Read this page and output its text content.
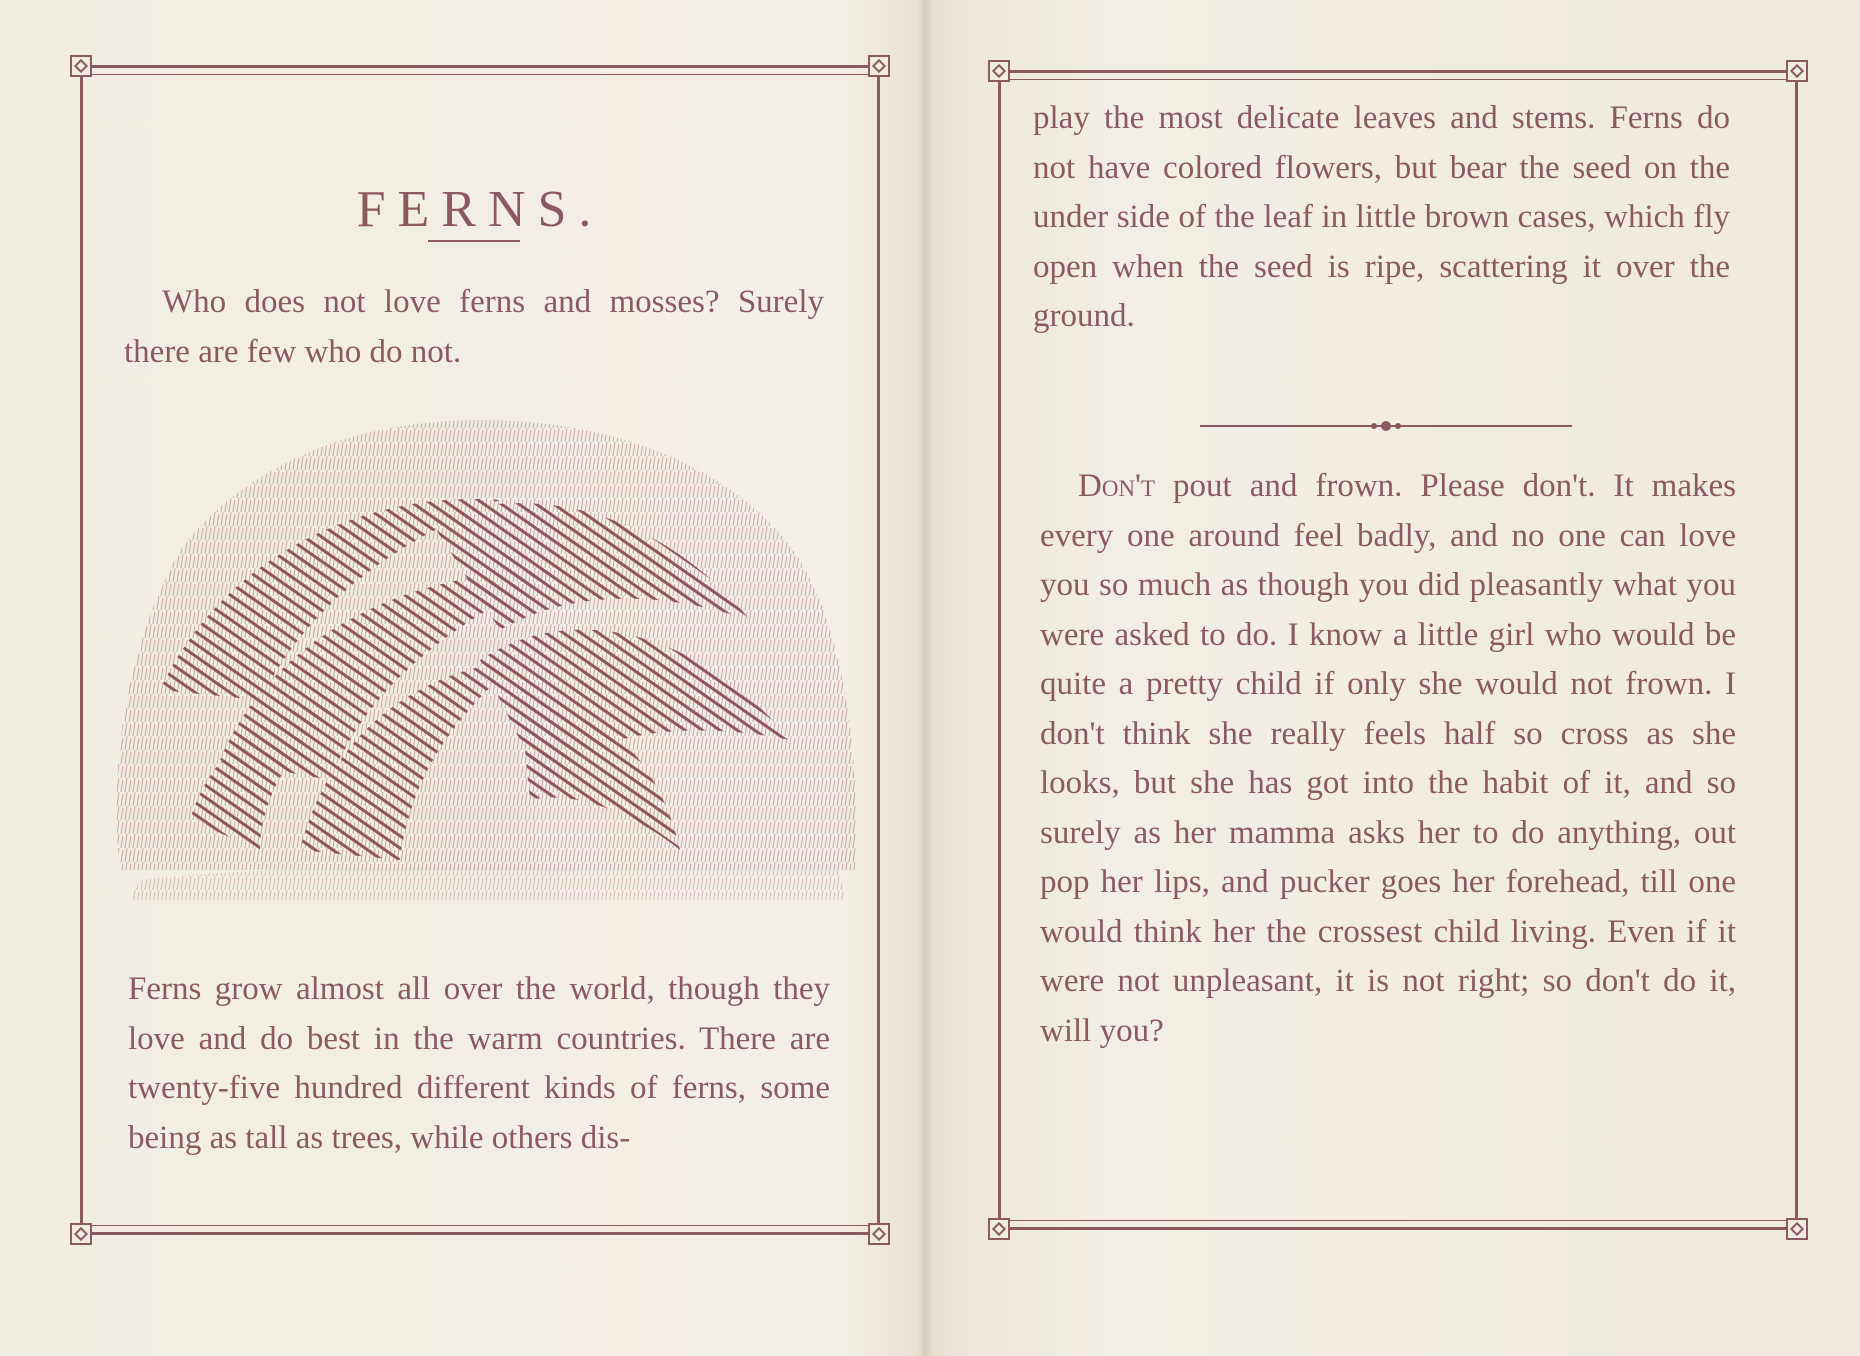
FERNS.

Who does not love ferns and mosses? Surely there are few who do not.

Ferns grow almost all over the world, though they love and do best in the warm countries. There are twenty-five hundred different kinds of ferns, some being as tall as trees, while others dis-

play the most delicate leaves and stems. Ferns do not have colored flowers, but bear the seed on the under side of the leaf in little brown cases, which fly open when the seed is ripe, scattering it over the ground.

Don't pout and frown. Please don't. It makes every one around feel badly, and no one can love you so much as though you did pleasantly what you were asked to do. I know a little girl who would be quite a pretty child if only she would not frown. I don't think she really feels half so cross as she looks, but she has got into the habit of it, and so surely as her mamma asks her to do anything, out pop her lips, and pucker goes her forehead, till one would think her the crossest child living. Even if it were not unpleasant, it is not right; so don't do it, will you?
